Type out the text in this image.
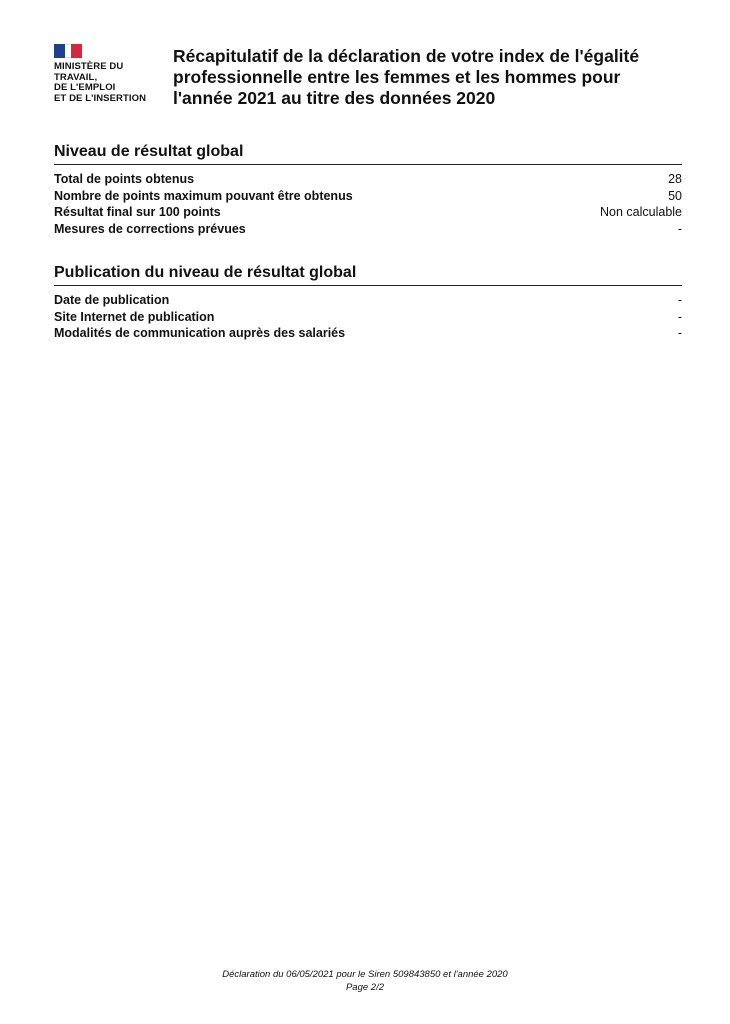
MINISTÈRE DU
TRAVAIL,
DE L'EMPLOI
ET DE L'INSERTION
Récapitulatif de la déclaration de votre index de l'égalité
professionnelle entre les femmes et les hommes pour
l'année 2021 au titre des données 2020
Niveau de résultat global
Total de points obtenus	28
Nombre de points maximum pouvant être obtenus	50
Résultat final sur 100 points	Non calculable
Mesures de corrections prévues	-
Publication du niveau de résultat global
Date de publication	-
Site Internet de publication	-
Modalités de communication auprès des salariés	-
Déclaration du 06/05/2021 pour le Siren 509843850 et l'année 2020
Page 2/2
